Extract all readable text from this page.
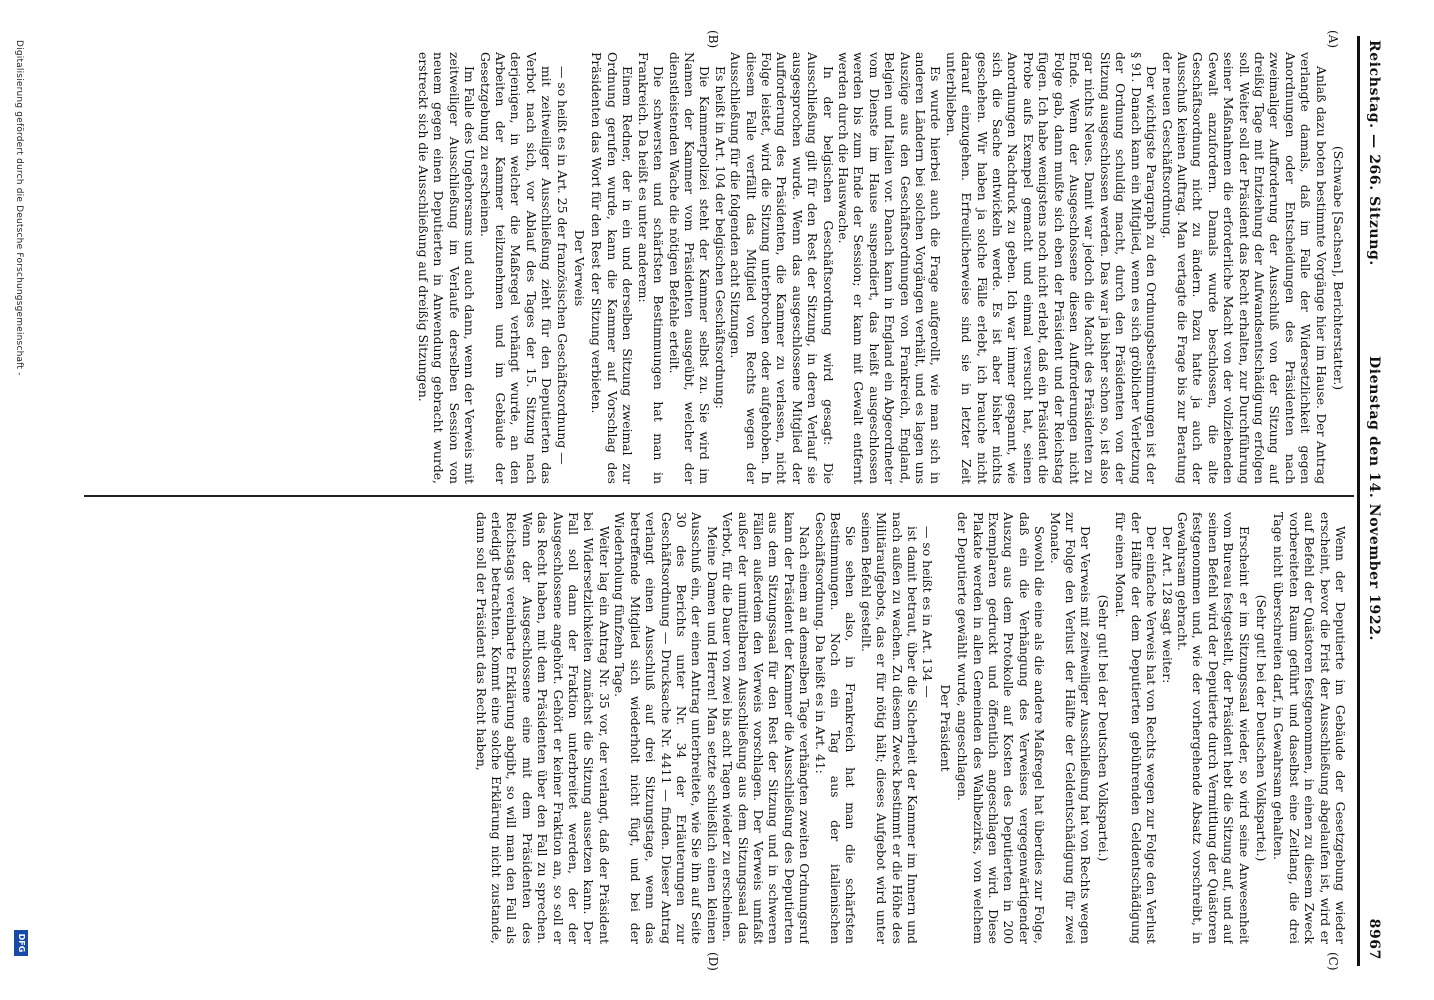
Reichstag. — 266. Sitzung.
Dienstag den 14. November 1922.
8967
(A)
(B)
(C)
(D)

(Schwabe [Sachsen], Berichterstatter.)

Anlaß dazu boten bestimmte Vorgänge hier im Hause. Der Antrag verlangte damals, daß im Falle der Widersetzlichkeit gegen Anordnungen oder Entscheidungen des Präsidenten nach zweimaliger Aufforderung der Ausschluß von der Sitzung auf dreißig Tage mit Entziehung der Aufwandsentschädigung erfolgen soll. Weiter soll der Präsident das Recht erhalten, zur Durchführung seiner Maßnahmen die erforderliche Macht von der vollziehenden Gewalt anzufordern. Damals wurde beschlossen, die alte Geschäftsordnung nicht zu ändern. Dazu hatte ja auch der Ausschuß keinen Auftrag. Man vertagte die Frage bis zur Beratung der neuen Geschäftsordnung.

Der wichtigste Paragraph zu den Ordnungsbestimmungen ist der § 91. Danach kann ein Mitglied, wenn es sich gröblicher Verletzung der Ordnung schuldig macht, durch den Präsidenten von der Sitzung ausgeschlossen werden. Das war ja bisher schon so, ist also gar nichts Neues. Damit war jedoch die Macht des Präsidenten zu Ende. Wenn der Ausgeschlossene diesen Aufforderungen nicht Folge gab, dann mußte sich eben der Präsident und der Reichstag fügen. Ich habe wenigstens noch nicht erlebt, daß ein Präsident die Probe aufs Exempel gemacht und einmal versucht hat, seinen Anordnungen Nachdruck zu geben. Ich war immer gespannt, wie sich die Sache entwickeln werde. Es ist aber bisher nichts geschehen. Wir haben ja solche Fälle erlebt, ich brauche nicht darauf einzugehen. Erfreulicherweise sind sie in letzter Zeit unterblieben.

Es wurde hierbei auch die Frage aufgerollt, wie man sich in anderen Ländern bei solchen Vorgängen verhält, und es lagen uns Auszüge aus den Geschäftsordnungen von Frankreich, England, Belgien und Italien vor. Danach kann in England ein Abgeordneter vom Dienste im Hause suspendiert, das heißt ausgeschlossen werden bis zum Ende der Session; er kann mit Gewalt entfernt werden durch die Hauswache.

In der belgischen Geschäftsordnung wird gesagt: Die Ausschließung gilt für den Rest der Sitzung, in deren Verlauf sie ausgesprochen wurde. Wenn das ausgeschlossene Mitglied der Aufforderung des Präsidenten, die Kammer zu verlassen, nicht Folge leistet, wird die Sitzung unterbrochen oder aufgehoben. In diesem Falle verfällt das Mitglied von Rechts wegen der Ausschließung für die folgenden acht Sitzungen.

Es heißt in Art. 104 der belgischen Geschäftsordnung:

Die Kammerpolizei steht der Kammer selbst zu. Sie wird im Namen der Kammer vom Präsidenten ausgeübt, welcher der dienstleistenden Wache die nötigen Befehle erteilt.

Die schwersten und schärfsten Bestimmungen hat man in Frankreich. Da heißt es unter anderem:

Einem Redner, der in ein und derselben Sitzung zweimal zur Ordnung gerufen wurde, kann die Kammer auf Vorschlag des Präsidenten das Wort für den Rest der Sitzung verbieten.

Der Verweis

— so heißt es in Art. 25 der französischen Geschäftsordnung —

mit zeitweiliger Ausschließung zieht für den Deputierten das Verbot nach sich, vor Ablauf des Tages der 15. Sitzung nach derjenigen, in welcher die Maßregel verhängt wurde, an den Arbeiten der Kammer teilzunehmen und im Gebäude der Gesetzgebung zu erscheinen.

Im Falle des Ungehorsams und auch dann, wenn der Verweis mit zeitweiliger Ausschließung im Verlaufe derselben Session von neuem gegen einen Deputierten in Anwendung gebracht wurde, erstreckt sich die Ausschließung auf dreißig Sitzungen.

Wenn der Deputierte im Gebäude der Gesetzgebung wieder erscheint, bevor die Frist der Ausschließung abgelaufen ist, wird er auf Befehl der Quästoren festgenommen, in einen zu diesem Zweck vorbereiteten Raum geführt und daselbst eine Zeitlang, die drei Tage nicht überschreiten darf, in Gewahrsam gehalten.

(Sehr gut! bei der Deutschen Volkspartei.)

Erscheint er im Sitzungssaal wieder, so wird seine Anwesenheit vom Bureau festgestellt, der Präsident hebt die Sitzung auf, und auf seinen Befehl wird der Deputierte durch Vermittlung der Quästoren festgenommen und, wie der vorhergehende Absatz vorschreibt, in Gewahrsam gebracht.

Der Art. 128 sagt weiter:

Der einfache Verweis hat von Rechts wegen zur Folge den Verlust der Hälfte der dem Deputierten gebührenden Geldentschädigung für einen Monat.

(Sehr gut! bei der Deutschen Volkspartei.)

Der Verweis mit zeitweiliger Ausschließung hat von Rechts wegen zur Folge den Verlust der Hälfte der Geldentschädigung für zwei Monate.

Sowohl die eine als die andere Maßregel hat überdies zur Folge, daß ein die Verhängung des Verweises vergegenwärtigender Auszug aus dem Protokolle auf Kosten des Deputierten in 200 Exemplaren gedruckt und öffentlich angeschlagen wird. Diese Plakate werden in allen Gemeinden des Wahlbezirks, von welchem der Deputierte gewählt wurde, angeschlagen.

Der Präsident

— so heißt es in Art. 134 —

ist damit betraut, über die Sicherheit der Kammer im Innern und nach außen zu wachen. Zu diesem Zweck bestimmt er die Höhe des Militäraufgebots, das er für nötig hält; dieses Aufgebot wird unter seinen Befehl gestellt.

Sie sehen also, in Frankreich hat man die schärfsten Bestimmungen. Noch ein Tag aus der italienischen Geschäftsordnung. Da heißt es in Art. 41:

Nach einem an demselben Tage verhängten zweiten Ordnungsruf kann der Präsident der Kammer die Ausschließung des Deputierten aus dem Sitzungssaal für den Rest der Sitzung und in schweren Fällen außerdem den Verweis vorschlagen. Der Verweis umfaßt außer der unmittelbaren Ausschließung aus dem Sitzungssaal das Verbot, für die Dauer von zwei bis acht Tagen wieder zu erscheinen.

Meine Damen und Herren! Man setzte schließlich einen kleinen Ausschuß ein, der einen Antrag unterbreitete, wie Sie ihn auf Seite 30 des Berichts unter Nr. 34 der Erläuterungen zur Geschäftsordnung — Drucksache Nr. 4411 — finden. Dieser Antrag verlangt einen Ausschluß auf drei Sitzungstage, wenn das betreffende Mitglied sich wiederholt nicht fügt, und bei der Wiederholung fünfzehn Tage.

Weiter lag ein Antrag Nr. 35 vor, der verlangt, daß der Präsident bei Widersetzlichkeiten zunächst die Sitzung aussetzen kann. Der Fall soll dann der Fraktion unterbreitet werden, der der Ausgeschlossene angehört. Gehört er keiner Fraktion an, so soll er das Recht haben, mit dem Präsidenten über den Fall zu sprechen. Wenn der Ausgeschlossene eine mit dem Präsidenten des Reichstags vereinbarte Erklärung abgibt, so will man den Fall als erledigt betrachten. Kommt eine solche Erklärung nicht zustande, dann soll der Präsident das Recht haben,

Digitalisierung gefördert durch die Deutsche Forschungsgemeinschaft -
DFG
